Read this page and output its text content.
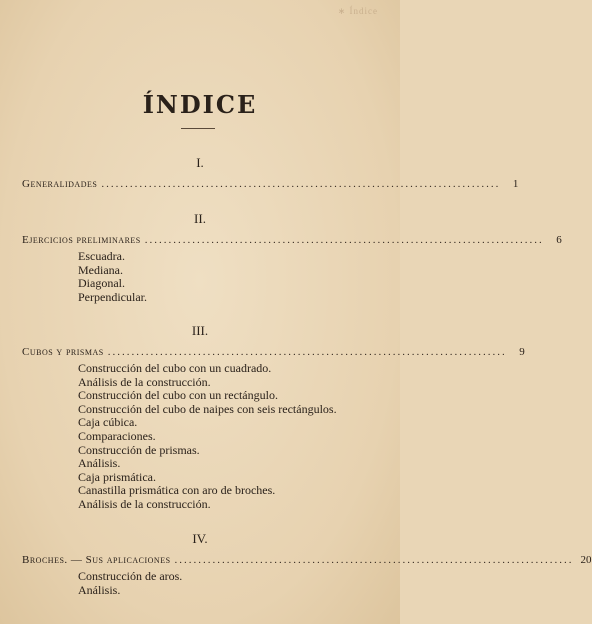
∗ Índice
ÍNDICE
I.
Generalidades ....................................................................................	1
II.
Ejercicios preliminares ....................................................................................	6
Escuadra.
Mediana.
Diagonal.
Perpendicular.
III.
Cubos y prismas ....................................................................................	9
Construcción del cubo con un cuadrado.
Análisis de la construcción.
Construcción del cubo con un rectángulo.
Construcción del cubo de naipes con seis rectángulos.
Caja cúbica.
Comparaciones.
Construcción de prismas.
Análisis.
Caja prismática.
Canastilla prismática con aro de broches.
Análisis de la construcción.
IV.
Broches. — Sus aplicaciones .................................................................................... 20
Construcción de aros.
Análisis.
